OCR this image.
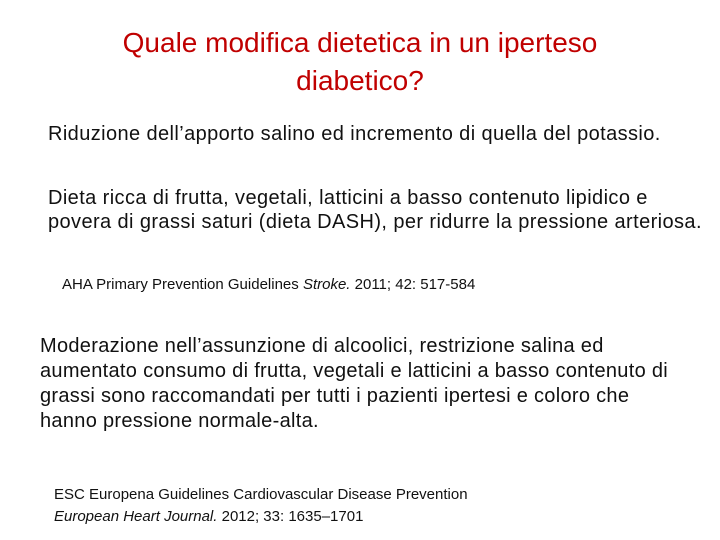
Quale modifica dietetica in un iperteso
diabetico?

Riduzione dell’apporto salino ed incremento di quella del potassio.

Dieta ricca di frutta, vegetali, latticini a basso contenuto lipidico e povera di grassi saturi (dieta DASH), per ridurre la pressione arteriosa.

AHA Primary Prevention Guidelines Stroke. 2011; 42: 517-584

Moderazione nell’assunzione di alcoolici, restrizione salina ed aumentato consumo di frutta, vegetali e latticini a basso contenuto di grassi sono raccomandati per tutti i pazienti ipertesi e coloro che hanno pressione normale-alta.

ESC Europena Guidelines Cardiovascular Disease Prevention
European Heart Journal. 2012; 33: 1635–1701
